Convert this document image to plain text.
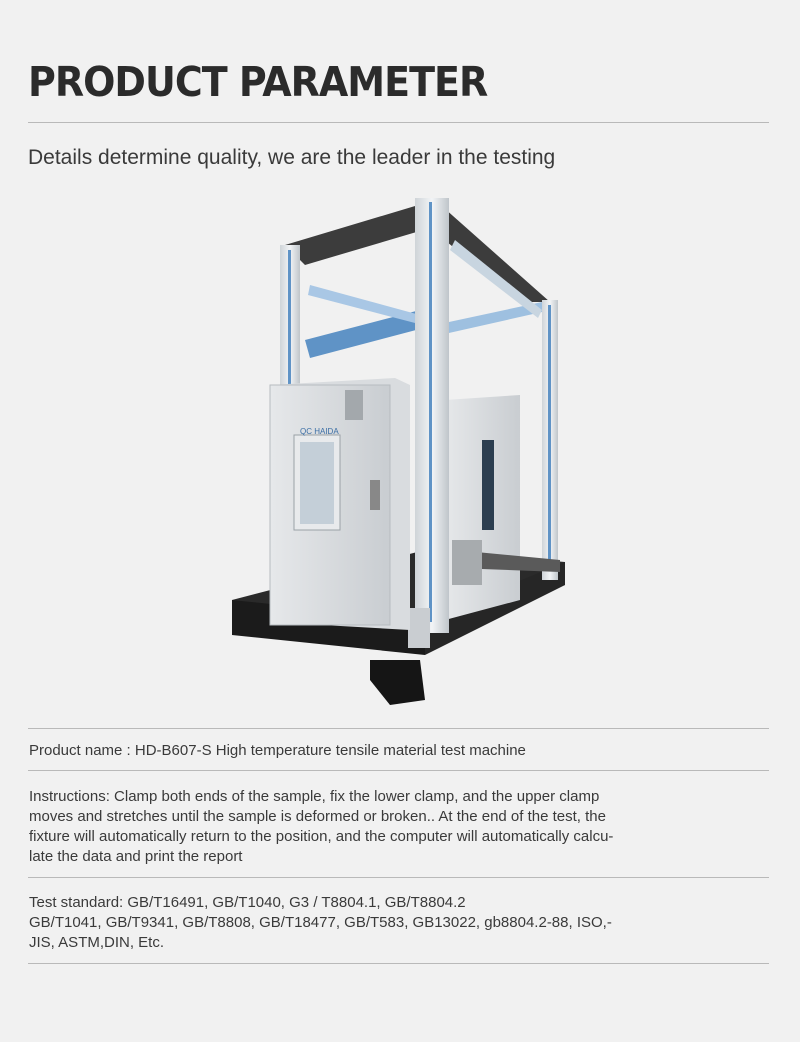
PRODUCT PARAMETER

Details determine quality, we are the leader in the testing

QC HAIDA

Product name : HD-B607-S High temperature tensile material test machine

Instructions: Clamp both ends of the sample, fix the lower clamp, and the upper clamp
moves and stretches until the sample is deformed or broken.. At the end of the test, the
fixture will automatically return to the position, and the computer will automatically calcu-
late the data and print the report

Test standard: GB/T16491, GB/T1040, G3 / T8804.1, GB/T8804.2
GB/T1041, GB/T9341, GB/T8808, GB/T18477, GB/T583, GB13022, gb8804.2-88, ISO,-
JIS, ASTM,DIN, Etc.
